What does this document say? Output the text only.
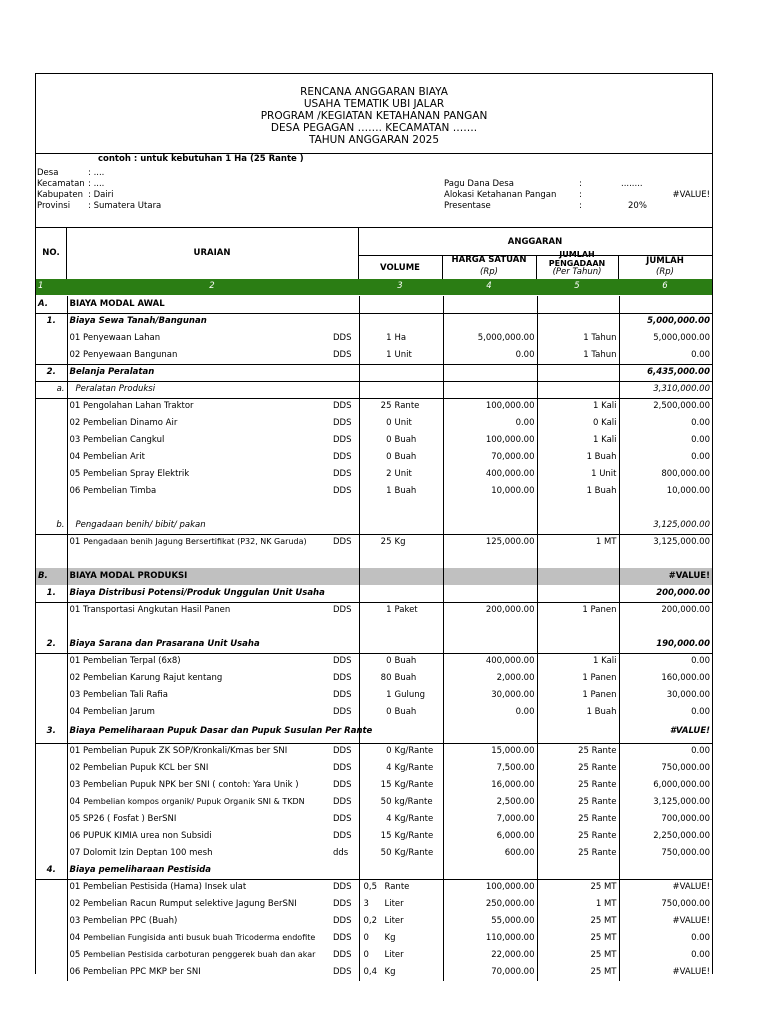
RENCANA ANGGARAN BIAYA
USAHA TEMATIK UBI JALAR
PROGRAM /KEGIATAN KETAHANAN PANGAN
DESA PEGAGAN ……. KECAMATAN …….
TAHUN ANGGARAN 2025
contoh : untuk kebutuhan 1 Ha (25 Rante )
Desa	: ....
Kecamatan : ....
Kabupaten : Dairi
Provinsi : Sumatera Utara
Pagu Dana Desa	:	........
Alokasi Ketahanan Pangan	:	#VALUE!
Presentase	:	20%
NO.	URAIAN
ANGGARAN
VOLUME
HARGA SATUAN
(Rp)
JUMLAH PENGADAAN
(Per Tahun)
JUMLAH
(Rp)
1	2	3	4	5	6
A.	BIAYA MODAL AWAL					
1.	Biaya Sewa Tanah/Bangunan					5,000,000.00
	01 Penyewaan Lahan	DDS	1 Ha	5,000,000.00	1 Tahun	5,000,000.00
	02 Penyewaan Bangunan	DDS	1 Unit	0.00	1 Tahun	0.00
2.	Belanja Peralatan					6,435,000.00
a.	Peralatan Produksi					3,310,000.00
	01 Pengolahan Lahan Traktor	DDS	25 Rante	100,000.00	1 Kali	2,500,000.00
	02 Pembelian Dinamo Air	DDS	0 Unit	0.00	0 Kali	0.00
	03 Pembelian Cangkul	DDS	0 Buah	100,000.00	1 Kali	0.00
	04 Pembelian Arit	DDS	0 Buah	70,000.00	1 Buah	0.00
	05 Pembelian Spray Elektrik	DDS	2 Unit	400,000.00	1 Unit	800,000.00
	06 Pembelian Timba	DDS	1 Buah	10,000.00	1 Buah	10,000.00

b.	Pengadaan benih/ bibit/ pakan					3,125,000.00
	01 Pengadaan benih Jagung Bersertifikat (P32, NK Garuda)	DDS	25 Kg	125,000.00	1 MT	3,125,000.00

B.	BIAYA MODAL PRODUKSI					#VALUE!
1.	Biaya Distribusi Potensi/Produk Unggulan Unit Usaha					200,000.00
	01 Transportasi Angkutan Hasil Panen	DDS	1 Paket	200,000.00	1 Panen	200,000.00

2.	Biaya Sarana dan Prasarana Unit Usaha					190,000.00
	01 Pembelian Terpal (6x8)	DDS	0 Buah	400,000.00	1 Kali	0.00
	02 Pembelian Karung Rajut kentang	DDS	80 Buah	2,000.00	1 Panen	160,000.00
	03 Pembelian Tali Rafia	DDS	1 Gulung	30,000.00	1 Panen	30,000.00
	04 Pembelian Jarum	DDS	0 Buah	0.00	1 Buah	0.00
3.	Biaya Pemeliharaan Pupuk Dasar dan Pupuk Susulan Per Rante					#VALUE!
	01 Pembelian Pupuk ZK SOP/Kronkali/Kmas ber SNI	DDS	0 Kg/Rante	15,000.00	25 Rante	0.00
	02 Pembelian Pupuk KCL ber SNI	DDS	4 Kg/Rante	7,500.00	25 Rante	750,000.00
	03 Pembelian Pupuk NPK ber SNI ( contoh: Yara Unik )	DDS	15 Kg/Rante	16,000.00	25 Rante	6,000,000.00
	04 Pembelian kompos organik/ Pupuk Organik SNI & TKDN	DDS	50 kg/Rante	2,500.00	25 Rante	3,125,000.00
	05 SP26 ( Fosfat ) BerSNI	DDS	4 Kg/Rante	7,000.00	25 Rante	700,000.00
	06 PUPUK KIMIA urea non Subsidi	DDS	15 Kg/Rante	6,000.00	25 Rante	2,250,000.00
	07 Dolomit Izin Deptan 100 mesh	dds	50 Kg/Rante	600.00	25 Rante	750,000.00
4.	Biaya pemeliharaan Pestisida					
	01 Pembelian Pestisida (Hama) Insek ulat	DDS	0,5 Rante	100,000.00	25 MT	#VALUE!
	02 Pembelian Racun Rumput selektive Jagung BerSNI	DDS	3 Liter	250,000.00	1 MT	750,000.00
	03 Pembelian PPC (Buah)	DDS	0,2 Liter	55,000.00	25 MT	#VALUE!
	04 Pembelian Fungisida anti busuk buah Tricoderma endofite	DDS	0 Kg	110,000.00	25 MT	0.00
	05 Pembelian Pestisida carboturan penggerek buah dan akar	DDS	0 Liter	22,000.00	25 MT	0.00
	06 Pembelian PPC MKP ber SNI	DDS	0,4 Kg	70,000.00	25 MT	#VALUE!
